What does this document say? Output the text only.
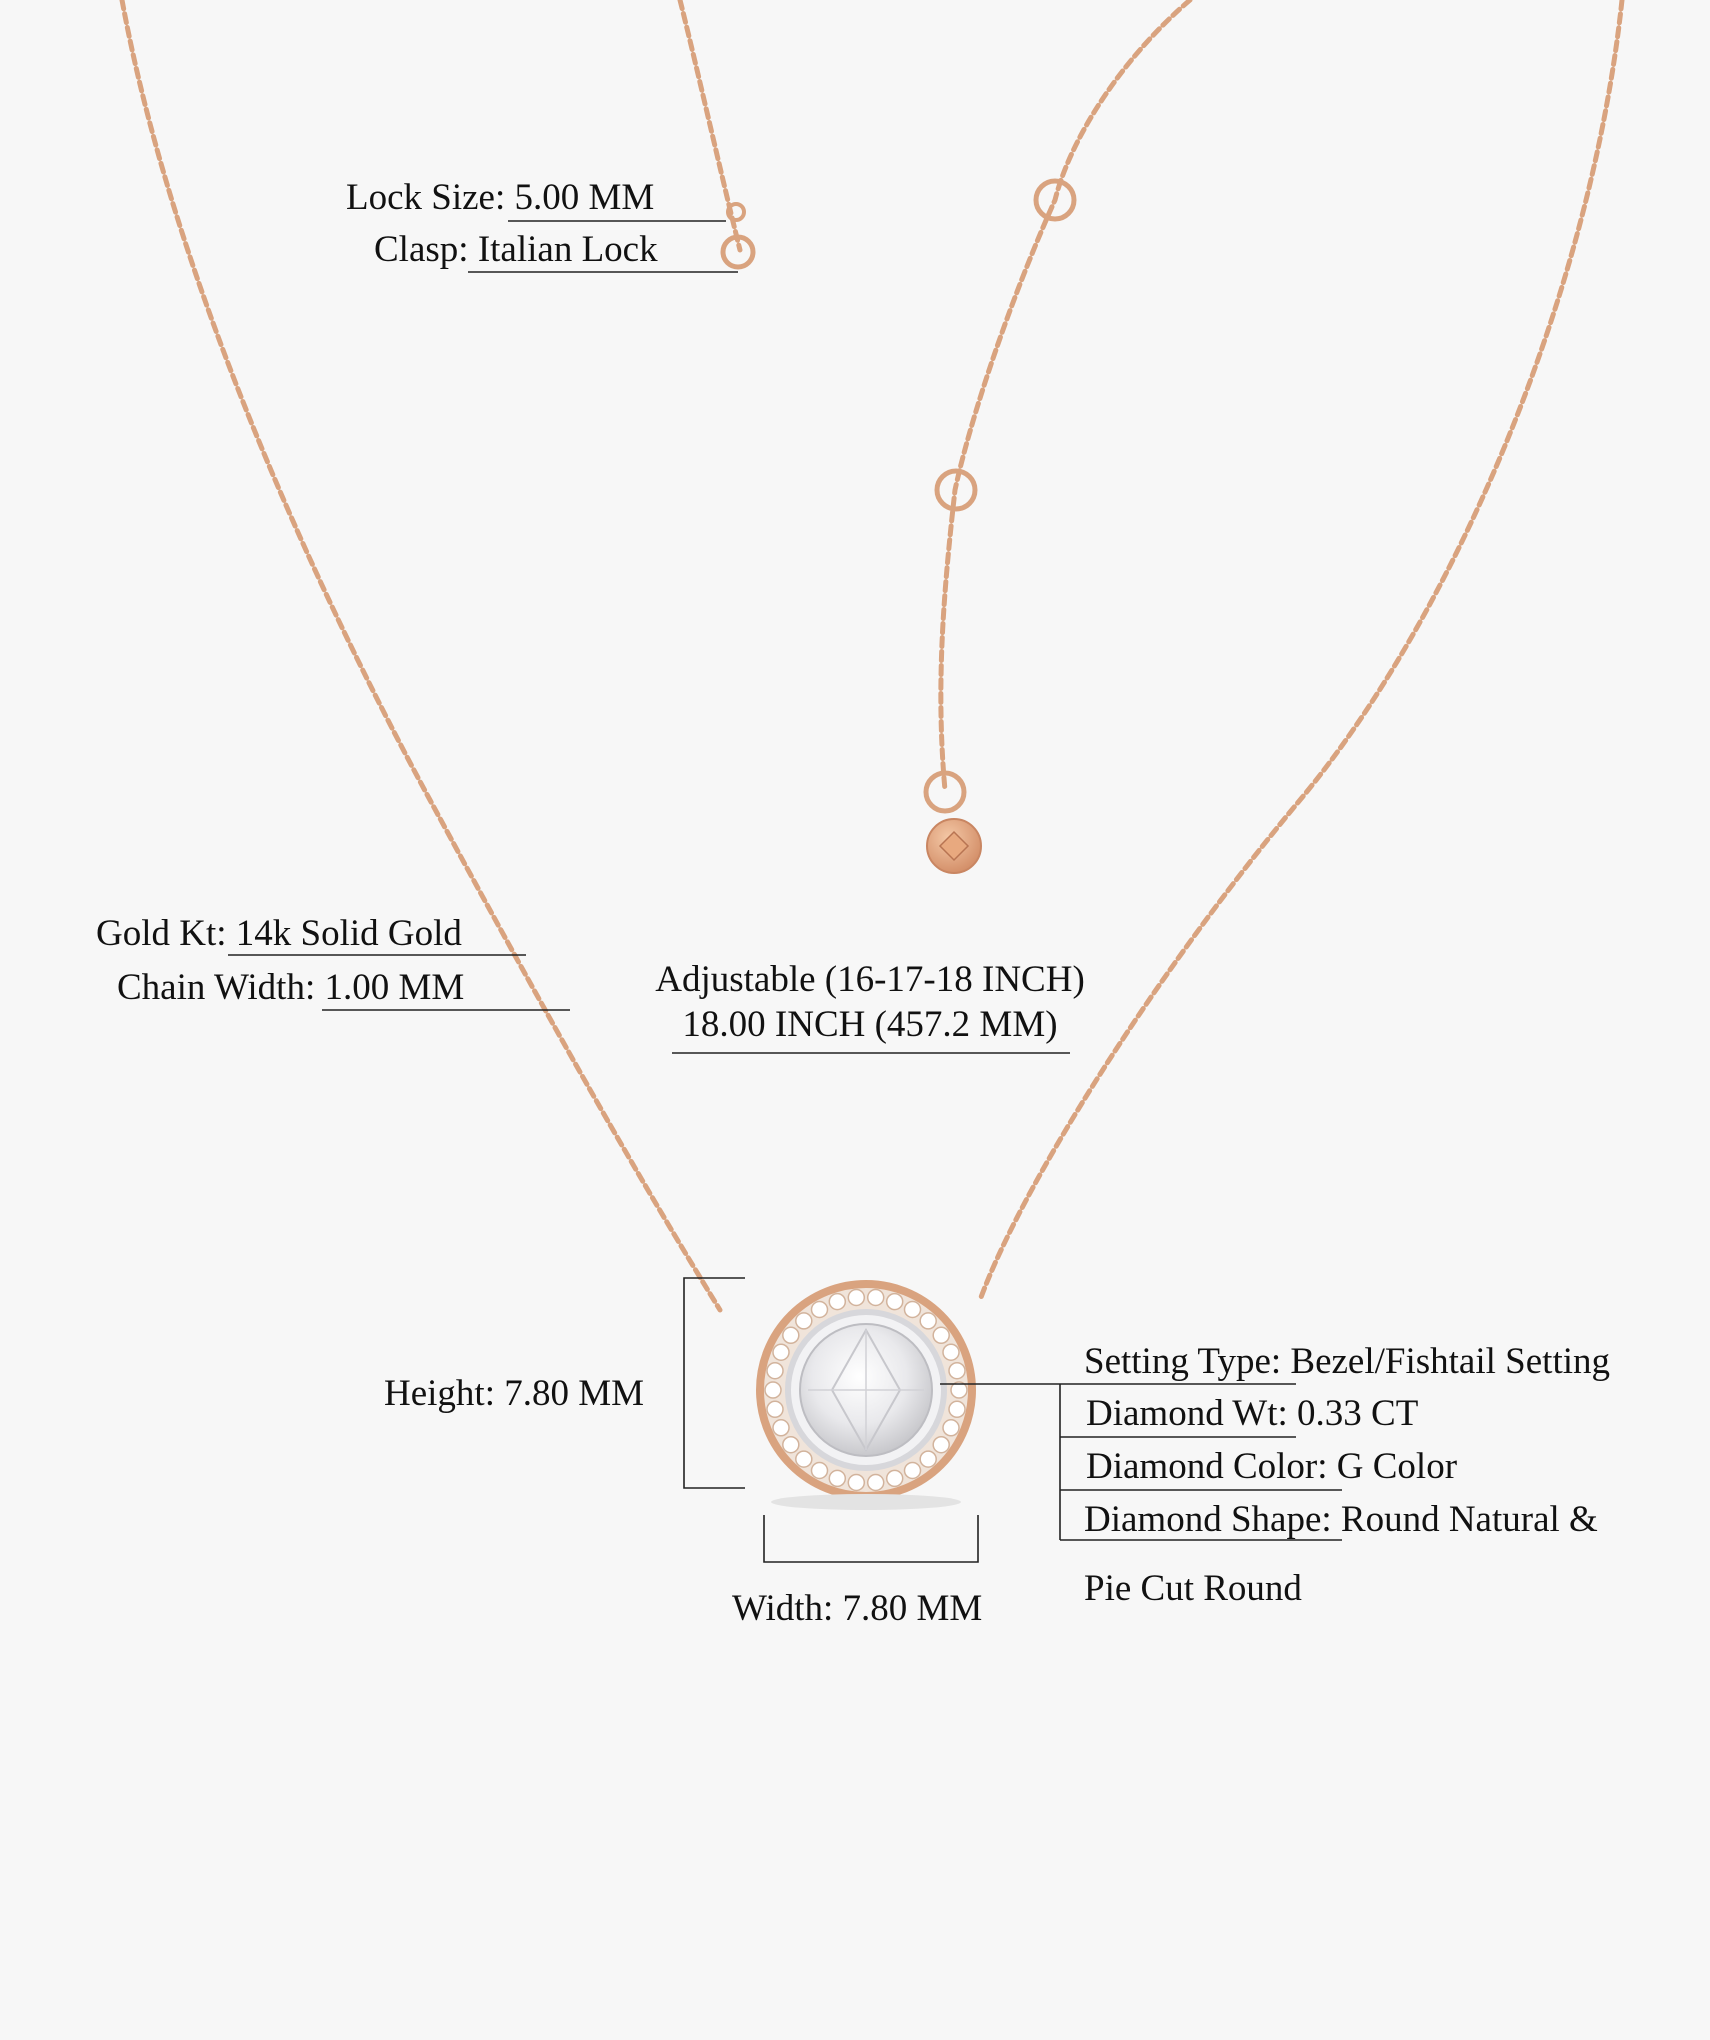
Lock Size: 5.00 MM
Clasp: Italian Lock
Gold Kt: 14k Solid Gold
Chain Width: 1.00 MM	Adjustable (16-17-18 INCH)
18.00 INCH (457.2 MM)
Height: 7.80 MM
Width: 7.80 MM
Setting Type: Bezel/Fishtail Setting
Diamond Wt: 0.33 CT
Diamond Color: G Color
Diamond Shape: Round Natural &
Pie Cut Round
